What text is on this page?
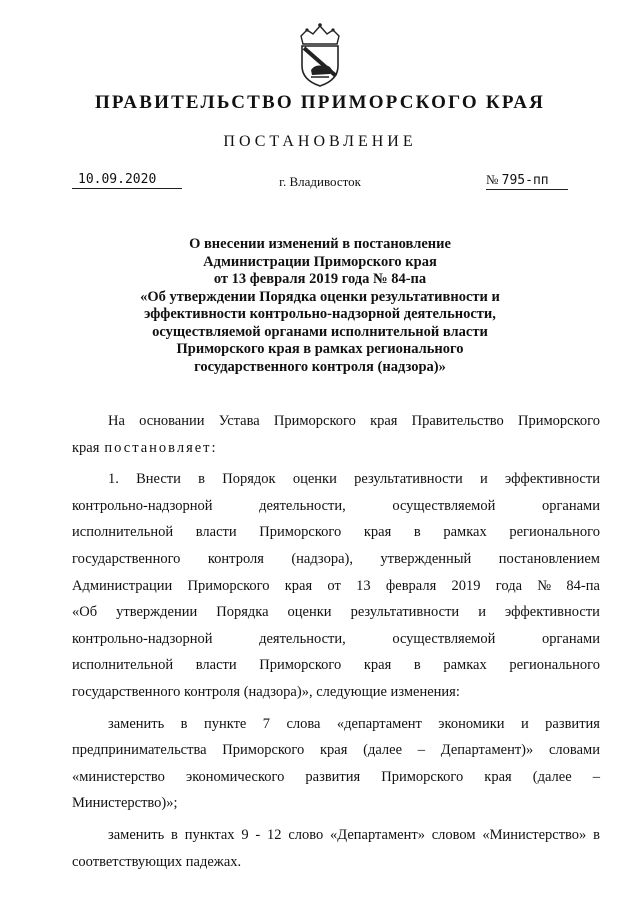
ПРАВИТЕЛЬСТВО ПРИМОРСКОГО КРАЯ
ПОСТАНОВЛЕНИЕ
10.09.2020	г. Владивосток	№ 795-пп
О внесении изменений в постановление
Администрации Приморского края
от 13 февраля 2019 года № 84-па
«Об утверждении Порядка оценки результативности и
эффективности контрольно-надзорной деятельности,
осуществляемой органами исполнительной власти
Приморского края в рамках регионального
государственного контроля (надзора)»
На основании Устава Приморского края Правительство Приморского
края постановляет:
1. Внести в Порядок оценки результативности и эффективности
контрольно-надзорной	деятельности,	осуществляемой	органами
исполнительной власти Приморского края в рамках регионального
государственного контроля (надзора), утвержденный постановлением
Администрации Приморского края от 13 февраля 2019 года № 84-па
«Об утверждении Порядка оценки результативности и эффективности
контрольно-надзорной	деятельности,	осуществляемой	органами
исполнительной власти Приморского края в рамках регионального
государственного контроля (надзора)», следующие изменения:
заменить в пункте 7 слова «департамент экономики и развития
предпринимательства Приморского края (далее – Департамент)» словами
«министерство экономического развития Приморского края (далее –
Министерство)»;
заменить в пунктах 9 - 12 слово «Департамент» словом «Министерство» в
соответствующих падежах.
